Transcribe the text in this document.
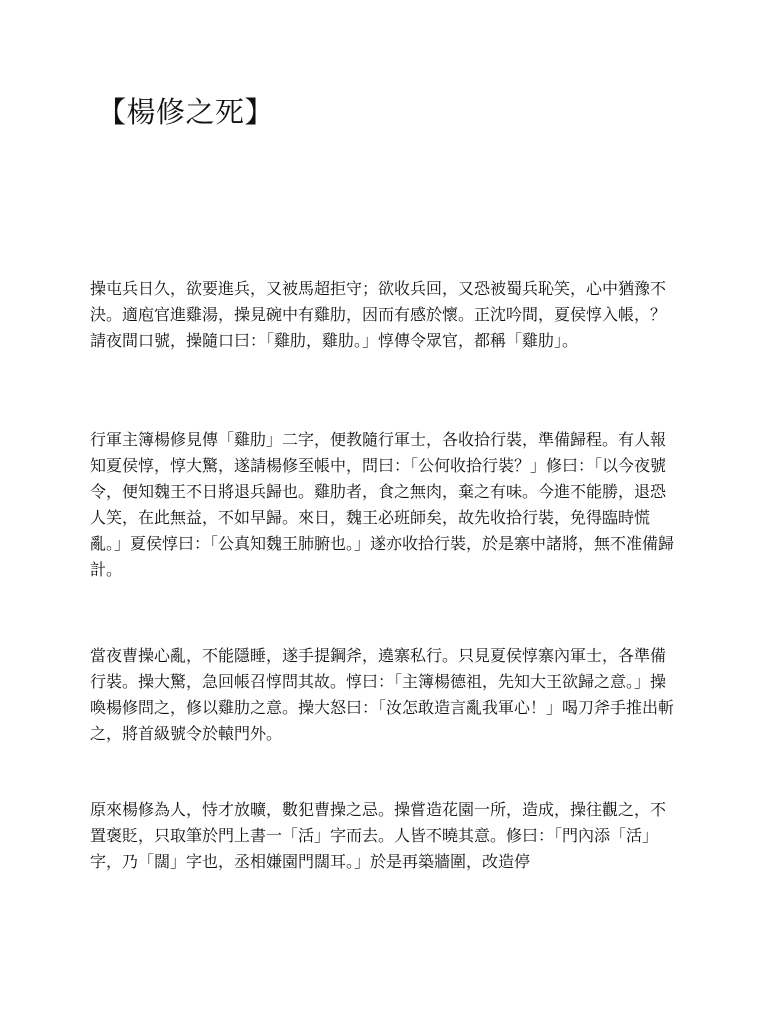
【楊修之死】

操屯兵日久，欲要進兵，又被馬超拒守；欲收兵回，又恐被蜀兵恥笑，心中猶豫不決。適庖官進雞湯，操見碗中有雞肋，因而有感於懷。正沈吟間，夏侯惇入帳，？請夜間口號，操隨口曰：「雞肋，雞肋。」惇傳令眾官，都稱「雞肋」。

行軍主簿楊修見傳「雞肋」二字，便教隨行軍士，各收拾行裝，準備歸程。有人報知夏侯惇，惇大驚，遂請楊修至帳中，問曰：「公何收拾行裝？」修曰：「以今夜號令，便知魏王不日將退兵歸也。雞肋者，食之無肉，棄之有味。今進不能勝，退恐人笑，在此無益，不如早歸。來日，魏王必班師矣，故先收拾行裝，免得臨時慌亂。」夏侯惇曰：「公真知魏王肺腑也。」遂亦收拾行裝，於是寨中諸將，無不准備歸計。

當夜曹操心亂，不能隱睡，遂手提鋼斧，遶寨私行。只見夏侯惇寨內軍士，各準備行裝。操大驚，急回帳召惇問其故。惇曰：「主簿楊德祖，先知大王欲歸之意。」操喚楊修問之，修以雞肋之意。操大怒曰：「汝怎敢造言亂我軍心！」喝刀斧手推出斬之，將首級號令於轅門外。

原來楊修為人，恃才放曠，數犯曹操之忌。操嘗造花園一所，造成，操往觀之，不置褒貶，只取筆於門上書一「活」字而去。人皆不曉其意。修曰：「門內添「活」字，乃「闊」字也，丞相嫌園門闊耳。」於是再築牆圍，改造停
